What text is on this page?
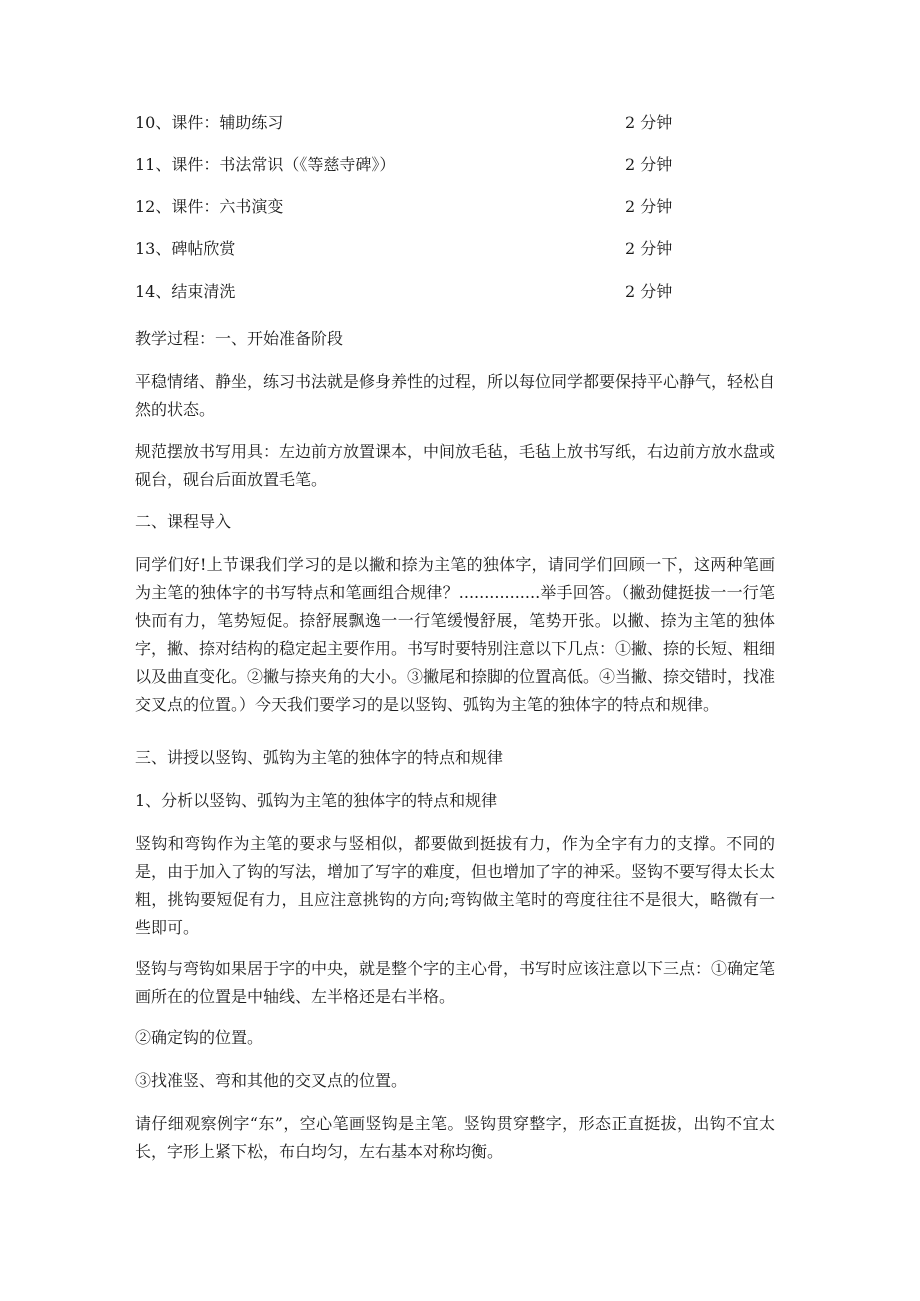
10、课件：辅助练习	2 分钟
11、课件：书法常识（《等慈寺碑》）	2 分钟
12、课件：六书演变	2 分钟
13、碑帖欣赏	2 分钟
14、结束清洗	2 分钟

教学过程：一、开始准备阶段

平稳情绪、静坐，练习书法就是修身养性的过程，所以每位同学都要保持平心静气，轻松自然的状态。

规范摆放书写用具：左边前方放置课本，中间放毛毡，毛毡上放书写纸，右边前方放水盘或砚台，砚台后面放置毛笔。

二、课程导入

同学们好!上节课我们学习的是以撇和捺为主笔的独体字，请同学们回顾一下，这两种笔画为主笔的独体字的书写特点和笔画组合规律？................举手回答。（撇劲健挺拔一一行笔快而有力，笔势短促。捺舒展飘逸一一行笔缓慢舒展，笔势开张。以撇、捺为主笔的独体字，撇、捺对结构的稳定起主要作用。书写时要特别注意以下几点：①撇、捺的长短、粗细以及曲直变化。②撇与捺夹角的大小。③撇尾和捺脚的位置高低。④当撇、捺交错时，找准交叉点的位置。）今天我们要学习的是以竖钩、弧钩为主笔的独体字的特点和规律。

三、讲授以竖钩、弧钩为主笔的独体字的特点和规律

1、分析以竖钩、弧钩为主笔的独体字的特点和规律

竖钩和弯钩作为主笔的要求与竖相似，都要做到挺拔有力，作为全字有力的支撑。不同的是，由于加入了钩的写法，增加了写字的难度，但也增加了字的神采。竖钩不要写得太长太粗，挑钩要短促有力，且应注意挑钩的方向;弯钩做主笔时的弯度往往不是很大，略微有一些即可。

竖钩与弯钩如果居于字的中央，就是整个字的主心骨，书写时应该注意以下三点：①确定笔画所在的位置是中轴线、左半格还是右半格。

②确定钩的位置。

③找准竖、弯和其他的交叉点的位置。

请仔细观察例字“东”，空心笔画竖钩是主笔。竖钩贯穿整字，形态正直挺拔，出钩不宜太长，字形上紧下松，布白均匀，左右基本对称均衡。
